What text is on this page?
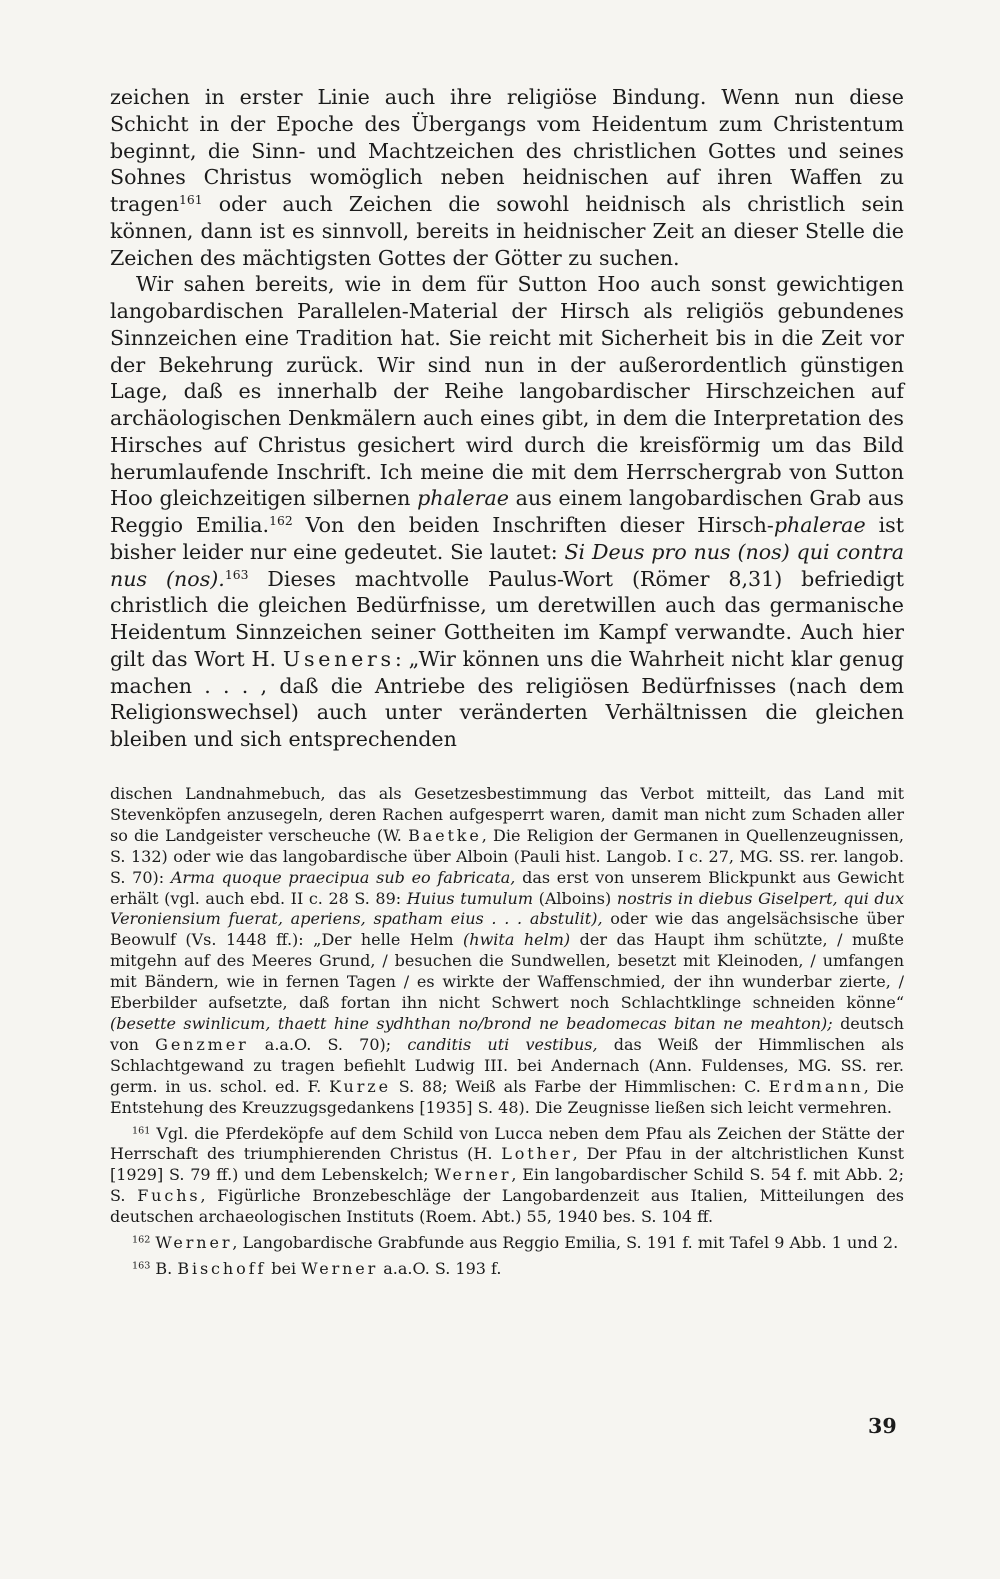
zeichen in erster Linie auch ihre religiöse Bindung. Wenn nun diese Schicht in der Epoche des Übergangs vom Heidentum zum Christentum beginnt, die Sinn- und Machtzeichen des christlichen Gottes und seines Sohnes Christus womöglich neben heidnischen auf ihren Waffen zu tragen$^{161}$ oder auch Zeichen die sowohl heidnisch als christlich sein können, dann ist es sinnvoll, bereits in heidnischer Zeit an dieser Stelle die Zeichen des mächtigsten Gottes der Götter zu suchen.

Wir sahen bereits, wie in dem für Sutton Hoo auch sonst gewichtigen langobardischen Parallelen-Material der Hirsch als religiös gebundenes Sinnzeichen eine Tradition hat. Sie reicht mit Sicherheit bis in die Zeit vor der Bekehrung zurück. Wir sind nun in der außerordentlich günstigen Lage, daß es innerhalb der Reihe langobardischer Hirschzeichen auf archäologischen Denkmälern auch eines gibt, in dem die Interpretation des Hirsches auf Christus gesichert wird durch die kreisförmig um das Bild herumlaufende Inschrift. Ich meine die mit dem Herrschergrab von Sutton Hoo gleichzeitigen silbernen phalerae aus einem langobardischen Grab aus Reggio Emilia.$^{162}$ Von den beiden Inschriften dieser Hirsch-phalerae ist bisher leider nur eine gedeutet. Sie lautet: Si Deus pro nus (nos) qui contra nus (nos).$^{163}$ Dieses machtvolle Paulus-Wort (Römer 8,31) befriedigt christlich die gleichen Bedürfnisse, um deretwillen auch das germanische Heidentum Sinnzeichen seiner Gottheiten im Kampf verwandte. Auch hier gilt das Wort H. Useners: „Wir können uns die Wahrheit nicht klar genug machen . . . , daß die Antriebe des religiösen Bedürfnisses (nach dem Religionswechsel) auch unter veränderten Verhältnissen die gleichen bleiben und sich entsprechenden

dischen Landnahmebuch, das als Gesetzesbestimmung das Verbot mitteilt, das Land mit Stevenköpfen anzusegeln, deren Rachen aufgesperrt waren, damit man nicht zum Schaden aller so die Landgeister verscheuche (W. Baetke, Die Religion der Germanen in Quellenzeugnissen, S. 132) oder wie das langobardische über Alboin (Pauli hist. Langob. I c. 27, MG. SS. rer. langob. S. 70): Arma quoque praecipua sub eo fabricata, das erst von unserem Blickpunkt aus Gewicht erhält (vgl. auch ebd. II c. 28 S. 89: Huius tumulum (Alboins) nostris in diebus Giselpert, qui dux Veroniensium fuerat, aperiens, spatham eius . . . abstulit), oder wie das angelsächsische über Beowulf (Vs. 1448 ff.): „Der helle Helm (hwita helm) der das Haupt ihm schützte, / mußte mitgehn auf des Meeres Grund, / besuchen die Sundwellen, besetzt mit Kleinoden, / umfangen mit Bändern, wie in fernen Tagen / es wirkte der Waffenschmied, der ihn wunderbar zierte, / Eberbilder aufsetzte, daß fortan ihn nicht Schwert noch Schlachtklinge schneiden könne“ (besette swinlicum, thaett hine sydhthan no/brond ne beadomecas bitan ne meahton); deutsch von Genzmer a.a.O. S. 70); canditis uti vestibus, das Weiß der Himmlischen als Schlachtgewand zu tragen befiehlt Ludwig III. bei Andernach (Ann. Fuldenses, MG. SS. rer. germ. in us. schol. ed. F. Kurze S. 88; Weiß als Farbe der Himmlischen: C. Erdmann, Die Entstehung des Kreuzzugsgedankens [1935] S. 48). Die Zeugnisse ließen sich leicht vermehren.

$^{161}$ Vgl. die Pferdeköpfe auf dem Schild von Lucca neben dem Pfau als Zeichen der Stätte der Herrschaft des triumphierenden Christus (H. Lother, Der Pfau in der altchristlichen Kunst [1929] S. 79 ff.) und dem Lebenskelch; Werner, Ein langobardischer Schild S. 54 f. mit Abb. 2; S. Fuchs, Figürliche Bronzebeschläge der Langobardenzeit aus Italien, Mitteilungen des deutschen archaeologischen Instituts (Roem. Abt.) 55, 1940 bes. S. 104 ff.

$^{162}$ Werner, Langobardische Grabfunde aus Reggio Emilia, S. 191 f. mit Tafel 9 Abb. 1 und 2.

$^{163}$ B. Bischoff bei Werner a.a.O. S. 193 f.

39
